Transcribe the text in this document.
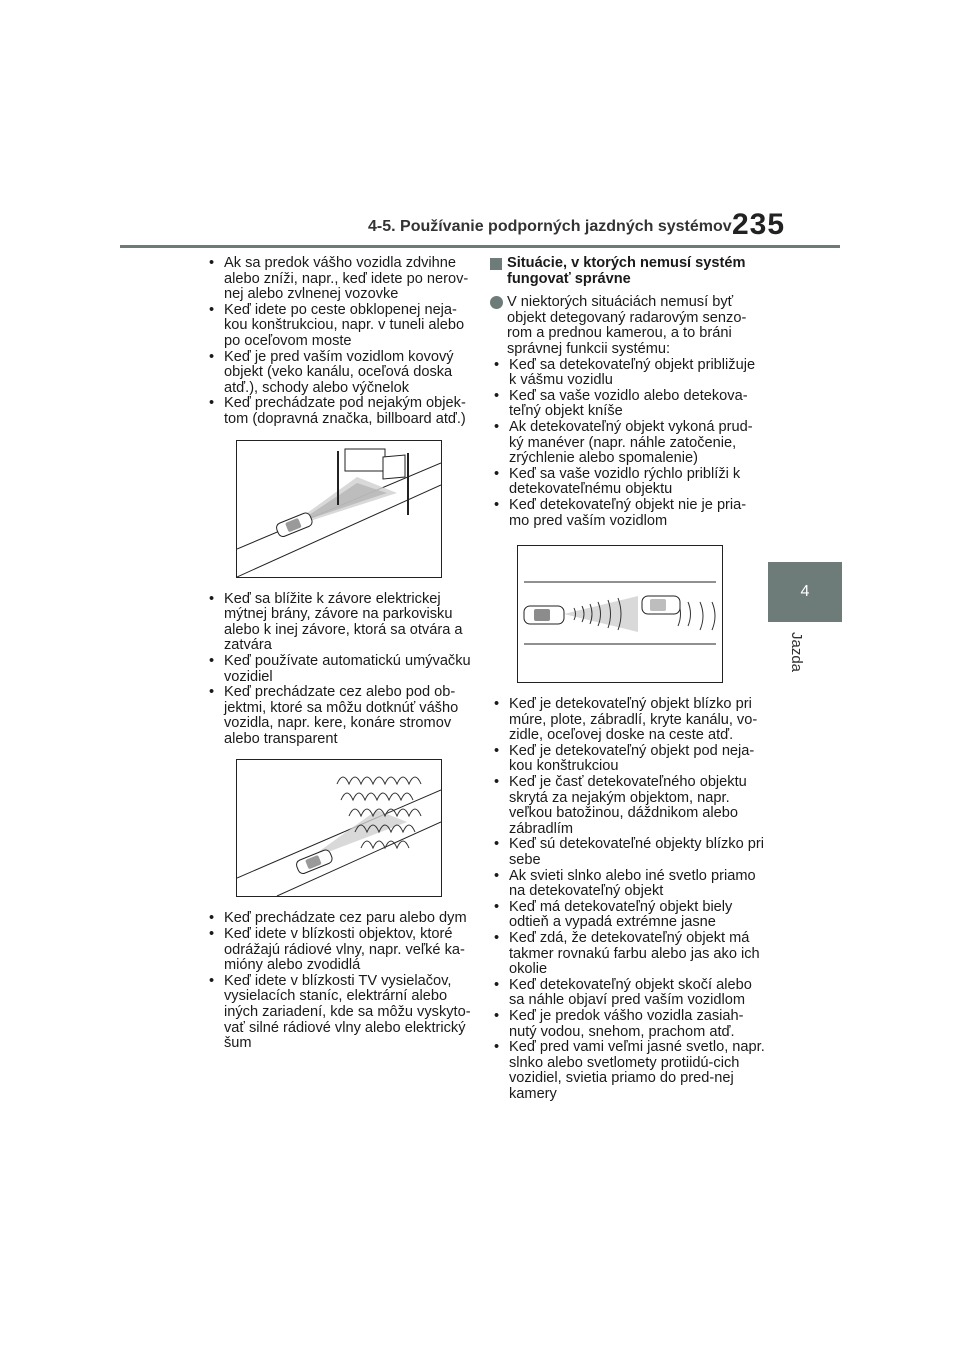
4-5. Používanie podporných jazdných systémov 235
4
Jazda
• Ak sa predok vášho vozidla zdvihne alebo zníži, napr., keď idete po nerov-nej alebo zvlnenej vozovke
• Keď idete po ceste obklopenej neja-kou konštrukciou, napr. v tuneli alebo po oceľovom moste
• Keď je pred vaším vozidlom kovový objekt (veko kanálu, oceľová doska atď.), schody alebo výčnelok
• Keď prechádzate pod nejakým objek-tom (dopravná značka, billboard atď.)
• Keď sa blížite k závore elektrickej mýtnej brány, závore na parkovisku alebo k inej závore, ktorá sa otvára a zatvára
• Keď používate automatickú umývačku vozidiel
• Keď prechádzate cez alebo pod ob-jektmi, ktoré sa môžu dotknúť vášho vozidla, napr. kere, konáre stromov alebo transparent
• Keď prechádzate cez paru alebo dym
• Keď idete v blízkosti objektov, ktoré odrážajú rádiové vlny, napr. veľké ka-mióny alebo zvodidlá
• Keď idete v blízkosti TV vysielačov, vysielacích staníc, elektrární alebo iných zariadení, kde sa môžu vyskyto-vať silné rádiové vlny alebo elektrický šum
Situácie, v ktorých nemusí systém fungovať správne
V niektorých situáciách nemusí byť objekt detegovaný radarovým senzo-rom a prednou kamerou, a to bráni správnej funkcii systému:
• Keď sa detekovateľný objekt približuje k vášmu vozidlu
• Keď sa vaše vozidlo alebo detekova-teľný objekt kníše
• Ak detekovateľný objekt vykoná prud-ký manéver (napr. náhle zatočenie, zrýchlenie alebo spomalenie)
• Keď sa vaše vozidlo rýchlo priblíži k detekovateľnému objektu
• Keď detekovateľný objekt nie je pria-mo pred vaším vozidlom
• Keď je detekovateľný objekt blízko pri múre, plote, zábradlí, kryte kanálu, vo-zidle, oceľovej doske na ceste atď.
• Keď je detekovateľný objekt pod neja-kou konštrukciou
• Keď je časť detekovateľného objektu skrytá za nejakým objektom, napr. veľkou batožinou, dáždnikom alebo zábradlím
• Keď sú detekovateľné objekty blízko pri sebe
• Ak svieti slnko alebo iné svetlo priamo na detekovateľný objekt
• Keď má detekovateľný objekt biely odtieň a vypadá extrémne jasne
• Keď zdá, že detekovateľný objekt má takmer rovnakú farbu alebo jas ako ich okolie
• Keď detekovateľný objekt skočí alebo sa náhle objaví pred vaším vozidlom
• Keď je predok vášho vozidla zasiah-nutý vodou, snehom, prachom atď.
• Keď pred vami veľmi jasné svetlo, napr. slnko alebo svetlomety protiidú-cich vozidiel, svietia priamo do pred-nej kamery
